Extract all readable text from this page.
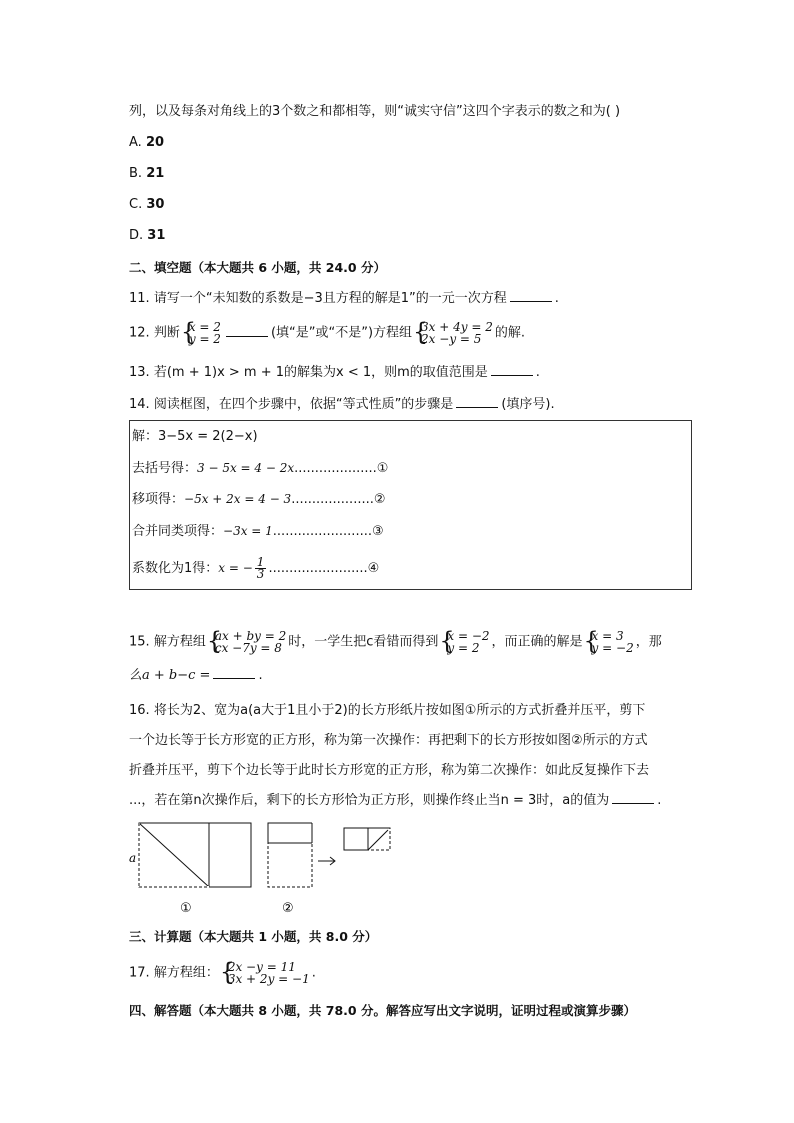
列，以及每条对角线上的3个数之和都相等，则“诚实守信”这四个字表示的数之和为( )
A. 20
B. 21
C. 30
D. 31
二、填空题（本大题共 6 小题，共 24.0 分）
11. 请写一个“未知数的系数是−3且方程的解是1”的一元一次方程	.
12. 判断 { x = 2
y = 2	(填“是”或“不是”)方程组 { 3x + 4y = 2
2x −y = 5	的解.
13. 若(m + 1)x > m + 1的解集为x < 1，则m的取值范围是	.
14. 阅读框图，在四个步骤中，依据“等式性质”的步骤是	(填序号).
解：3−5x = 2(2−x)
去括号得：3 − 5x = 4 − 2x....................①
移项得：−5x + 2x = 4 − 3....................②
合并同类项得：−3x = 1........................③
系数化为1得：x = − $\frac{1}{3}$ ........................④
15. 解方程组 { ax + by = 2
cx −7y = 8 时，一学生把c看错而得到 { x = −2
y = 2 ，而正确的解是 { x = 3
y = −2 ，那
么a + b−c =	.
16. 将长为2、宽为a(a大于1且小于2)的长方形纸片按如图①所示的方式折叠并压平，剪下
一个边长等于长方形宽的正方形，称为第一次操作：再把剩下的长方形按如图②所示的方式
折叠并压平，剪下个边长等于此时长方形宽的正方形，称为第二次操作：如此反复操作下去
...，若在第n次操作后，剩下的长方形恰为正方形，则操作终止当n = 3时，a的值为	.
a
①	②
三、计算题（本大题共 1 小题，共 8.0 分）
17. 解方程组： { 2x −y = 11
3x + 2y = −1 .
四、解答题（本大题共 8 小题，共 78.0 分。解答应写出文字说明，证明过程或演算步骤）
